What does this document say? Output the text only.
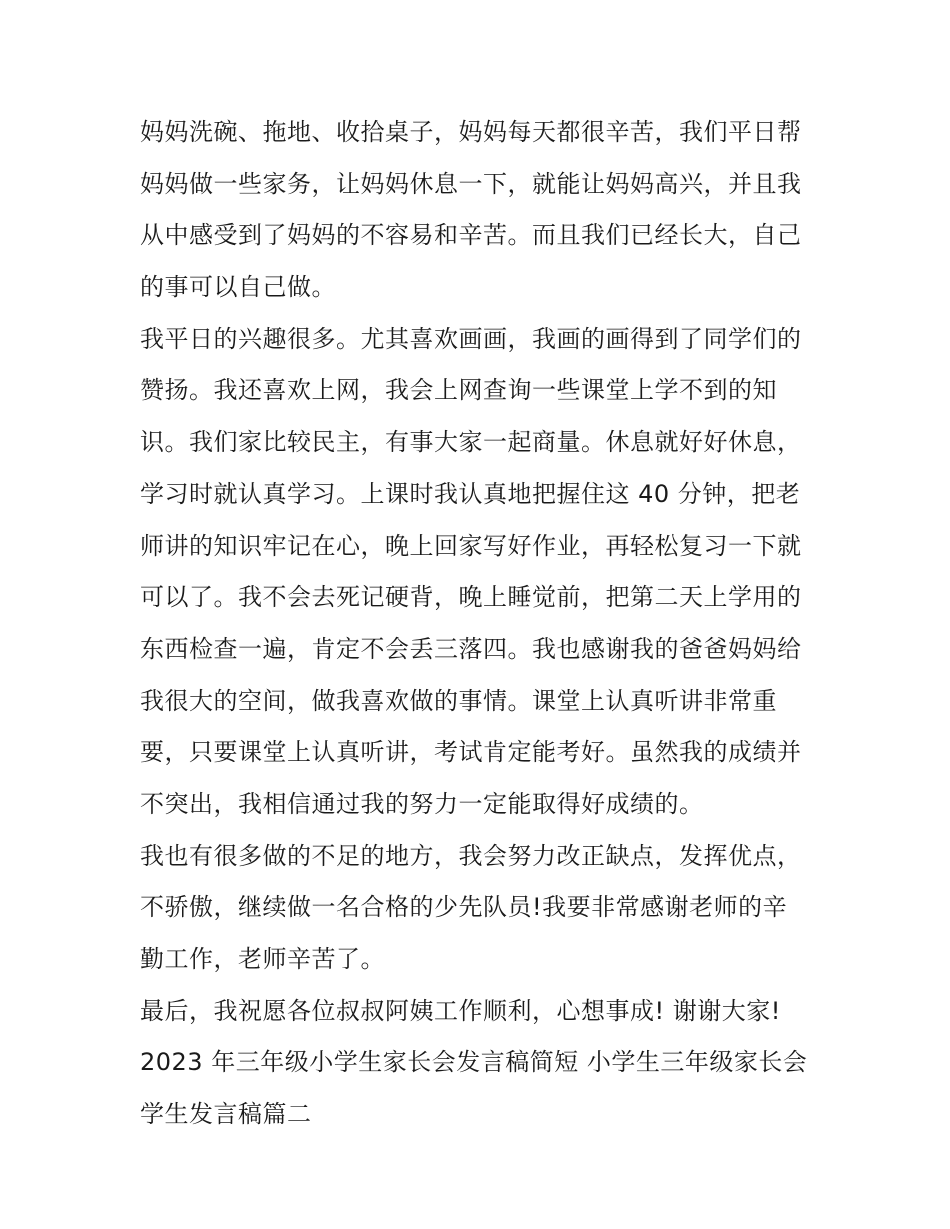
妈妈洗碗、拖地、收拾桌子，妈妈每天都很辛苦，我们平日帮
妈妈做一些家务，让妈妈休息一下，就能让妈妈高兴，并且我
从中感受到了妈妈的不容易和辛苦。而且我们已经长大，自己
的事可以自己做。
我平日的兴趣很多。尤其喜欢画画，我画的画得到了同学们的
赞扬。我还喜欢上网，我会上网查询一些课堂上学不到的知
识。我们家比较民主，有事大家一起商量。休息就好好休息，
学习时就认真学习。上课时我认真地把握住这 40 分钟，把老
师讲的知识牢记在心，晚上回家写好作业，再轻松复习一下就
可以了。我不会去死记硬背，晚上睡觉前，把第二天上学用的
东西检查一遍，肯定不会丢三落四。我也感谢我的爸爸妈妈给
我很大的空间，做我喜欢做的事情。课堂上认真听讲非常重
要，只要课堂上认真听讲，考试肯定能考好。虽然我的成绩并
不突出，我相信通过我的努力一定能取得好成绩的。
我也有很多做的不足的地方，我会努力改正缺点，发挥优点，
不骄傲，继续做一名合格的少先队员!我要非常感谢老师的辛
勤工作，老师辛苦了。
最后，我祝愿各位叔叔阿姨工作顺利，心想事成! 谢谢大家!
2023 年三年级小学生家长会发言稿简短 小学生三年级家长会
学生发言稿篇二
